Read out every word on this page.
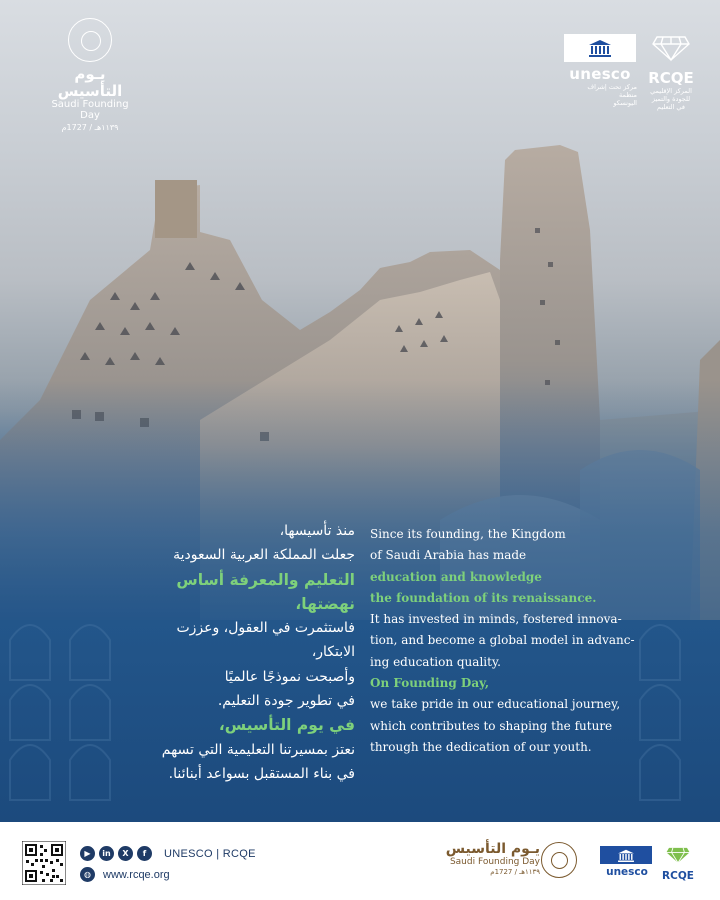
يـوم التأسيس
Saudi Founding Day
١١٣٩هـ / 1727م
unesco
مركز تحت إشراف
منظمة
اليونسكو
RCQE
المركز الإقليمي
للجودة والتميز
في التعليم
منذ تأسيسها،
جعلت المملكة العربية السعودية
التعليم والمعرفة أساس نهضتها،
فاستثمرت في العقول، وعززت الابتكار،
وأصبحت نموذجًا عالميًا
في تطوير جودة التعليم.
في يوم التأسيس،
نعتز بمسيرتنا التعليمية التي تسهم
في بناء المستقبل بسواعد أبنائنا.
Since its founding, the Kingdom
of Saudi Arabia has made
education and knowledge
the foundation of its renaissance.
It has invested in minds, fostered innova-
tion, and become a global model in advanc-
ing education quality.
On Founding Day,
we take pride in our educational journey,
which contributes to shaping the future
through the dedication of our youth.
▶	in	X	f	UNESCO | RCQE
◍	www.rcqe.org
يـوم التأسيس
Saudi Founding Day
١١٣٩هـ / 1727م	unesco	RCQE
